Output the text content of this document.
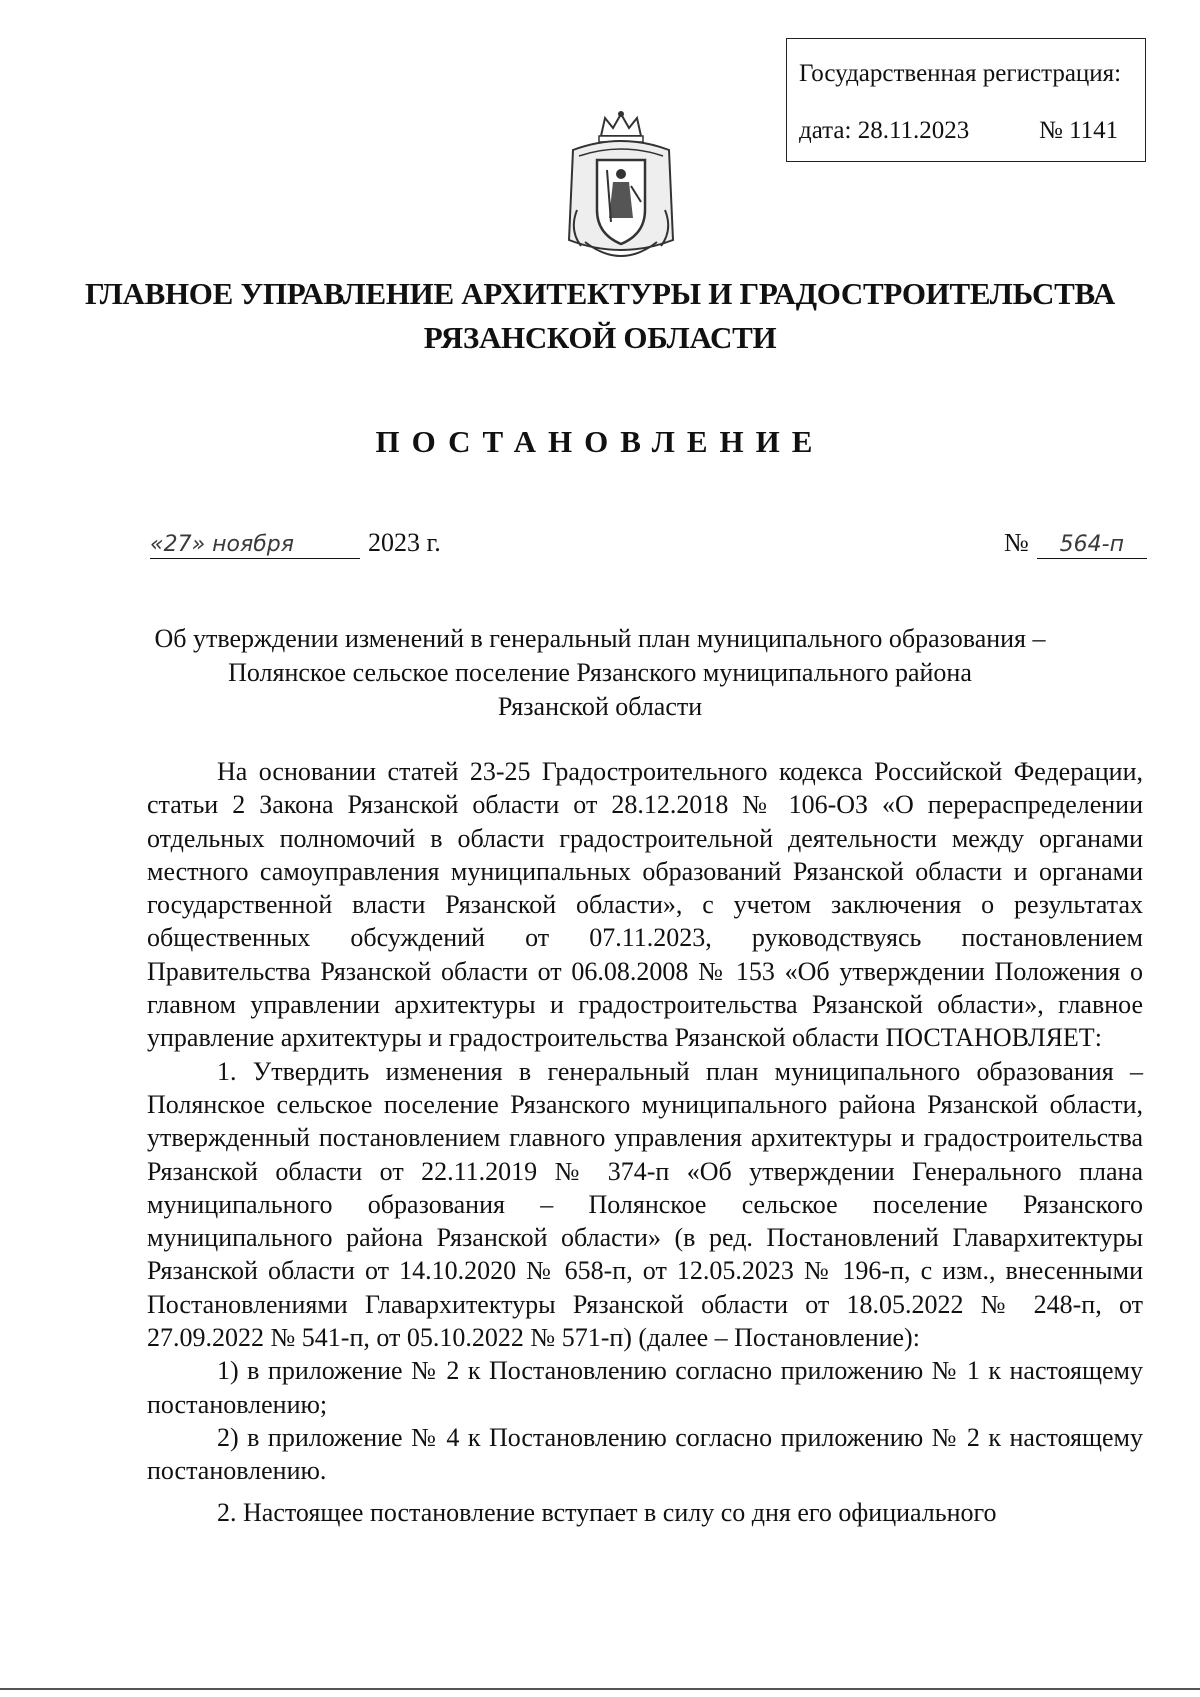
Государственная регистрация:
дата: 28.11.2023	№ 1141
ГЛАВНОЕ УПРАВЛЕНИЕ АРХИТЕКТУРЫ И ГРАДОСТРОИТЕЛЬСТВА
РЯЗАНСКОЙ ОБЛАСТИ
ПОСТАНОВЛЕНИЕ
«27» ноября	2023 г.	№ 564-п
Об утверждении изменений в генеральный план муниципального образования –
Полянское сельское поселение Рязанского муниципального района
Рязанской области

На основании статей 23-25 Градостроительного кодекса Российской Федерации, статьи 2 Закона Рязанской области от 28.12.2018 № 106-ОЗ «О перераспределении отдельных полномочий в области градостроительной деятельности между органами местного самоуправления муниципальных образований Рязанской области и органами государственной власти Рязанской области», с учетом заключения о результатах общественных обсуждений от 07.11.2023, руководствуясь постановлением Правительства Рязанской области от 06.08.2008 № 153 «Об утверждении Положения о главном управлении архитектуры и градостроительства Рязанской области», главное управление архитектуры и градостроительства Рязанской области ПОСТАНОВЛЯЕТ:

1. Утвердить изменения в генеральный план муниципального образования – Полянское сельское поселение Рязанского муниципального района Рязанской области, утвержденный постановлением главного управления архитектуры и градостроительства Рязанской области от 22.11.2019 № 374-п «Об утверждении Генерального плана муниципального образования – Полянское сельское поселение Рязанского муниципального района Рязанской области» (в ред. Постановлений Главархитектуры Рязанской области от 14.10.2020 № 658-п, от 12.05.2023 № 196-п, с изм., внесенными Постановлениями Главархитектуры Рязанской области от 18.05.2022 № 248-п, от 27.09.2022 № 541-п, от 05.10.2022 № 571-п) (далее – Постановление):

1) в приложение № 2 к Постановлению согласно приложению № 1 к настоящему постановлению;

2) в приложение № 4 к Постановлению согласно приложению № 2 к настоящему постановлению.

2. Настоящее постановление вступает в силу со дня его официального
